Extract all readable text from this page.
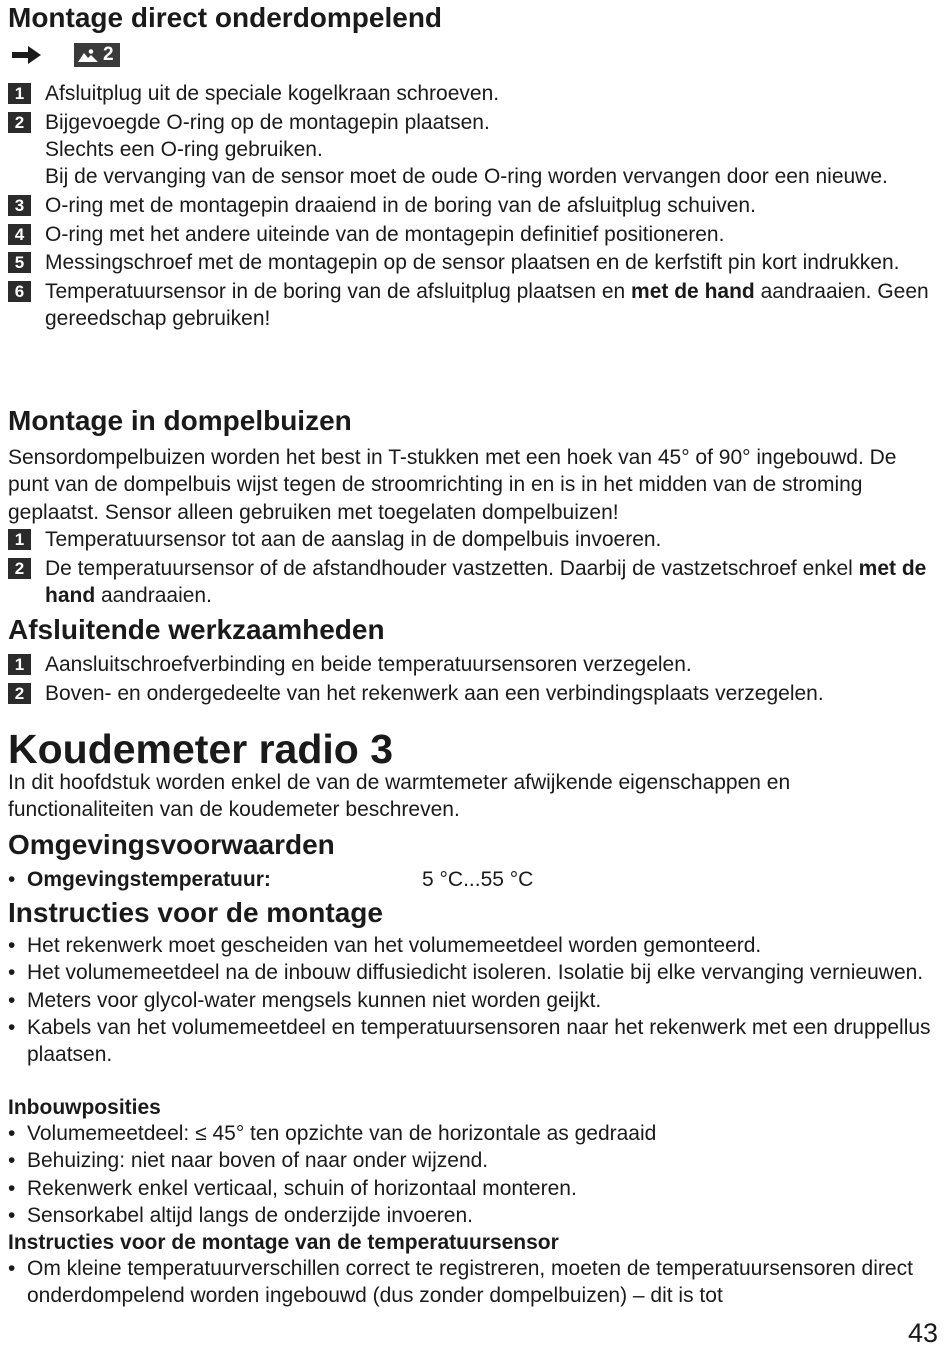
Montage direct onderdompelend
2
1 Afsluitplug uit de speciale kogelkraan schroeven.
2 Bijgevoegde O-ring op de montagepin plaatsen.
Slechts een O-ring gebruiken.
Bij de vervanging van de sensor moet de oude O-ring worden vervangen door een nieuwe.
3 O-ring met de montagepin draaiend in de boring van de afsluitplug schuiven.
4 O-ring met het andere uiteinde van de montagepin definitief positioneren.
5 Messingschroef met de montagepin op de sensor plaatsen en de kerfstift pin kort indrukken.
6 Temperatuursensor in de boring van de afsluitplug plaatsen en met de hand aandraaien. Geen gereedschap gebruiken!
Montage in dompelbuizen

Sensordompelbuizen worden het best in T-stukken met een hoek van 45° of 90° ingebouwd. De punt van de dompelbuis wijst tegen de stroomrichting in en is in het midden van de stroming geplaatst. Sensor alleen gebruiken met toegelaten dompelbuizen!

1 Temperatuursensor tot aan de aanslag in de dompelbuis invoeren.
2 De temperatuursensor of de afstandhouder vastzetten. Daarbij de vastzetschroef enkel met de hand aandraaien.
Afsluitende werkzaamheden
1 Aansluitschroefverbinding en beide temperatuursensoren verzegelen.
2 Boven- en ondergedeelte van het rekenwerk aan een verbindingsplaats verzegelen.
Koudemeter radio 3

In dit hoofdstuk worden enkel de van de warmtemeter afwijkende eigenschappen en functionaliteiten van de koudemeter beschreven.

Omgevingsvoorwaarden
• Omgevingstemperatuur:	5 °C...55 °C
Instructies voor de montage
• Het rekenwerk moet gescheiden van het volumemeetdeel worden gemonteerd.
• Het volumemeetdeel na de inbouw diffusiedicht isoleren. Isolatie bij elke vervanging vernieuwen.
• Meters voor glycol-water mengsels kunnen niet worden geijkt.
• Kabels van het volumemeetdeel en temperatuursensoren naar het rekenwerk met een druppellus plaatsen.
Inbouwposities
• Volumemeetdeel: ≤ 45° ten opzichte van de horizontale as gedraaid
• Behuizing: niet naar boven of naar onder wijzend.
• Rekenwerk enkel verticaal, schuin of horizontaal monteren.
• Sensorkabel altijd langs de onderzijde invoeren.
Instructies voor de montage van de temperatuursensor
• Om kleine temperatuurverschillen correct te registreren, moeten de temperatuursensoren direct onderdompelend worden ingebouwd (dus zonder dompelbuizen) – dit is tot
43
